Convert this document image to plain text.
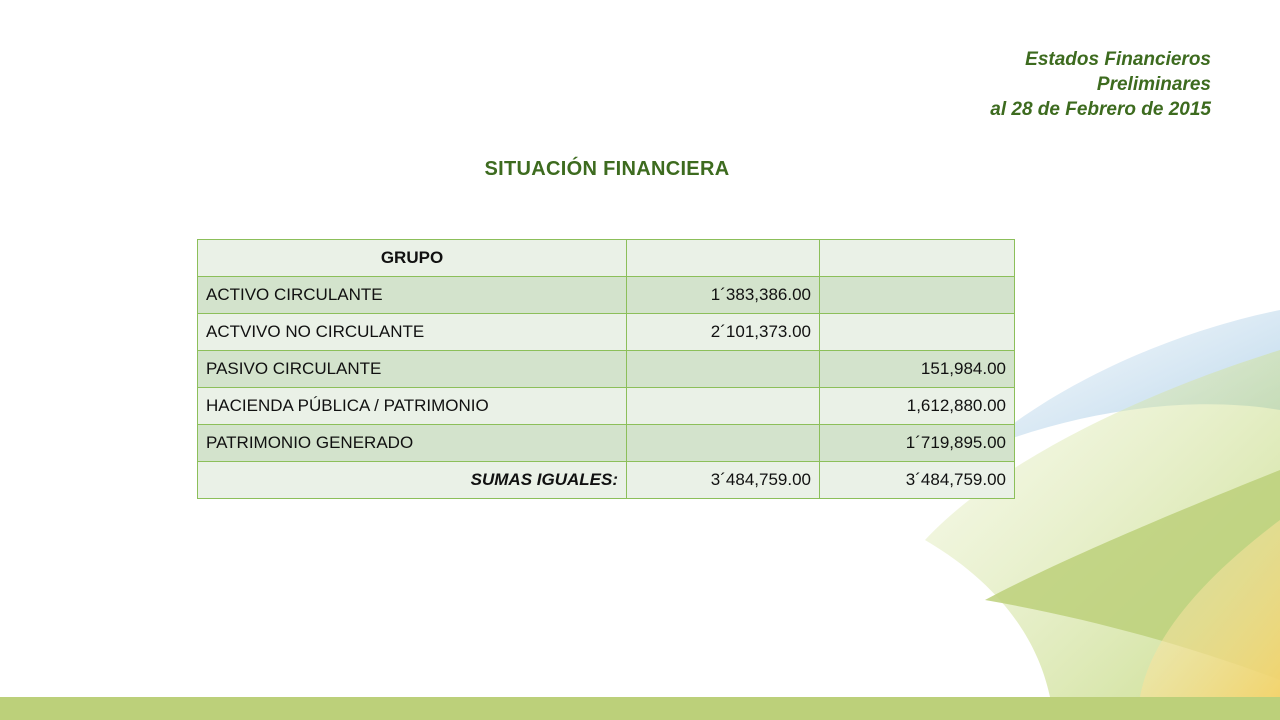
Estados Financieros
Preliminares
al 28 de Febrero de 2015
SITUACIÓN FINANCIERA
GRUPO		
ACTIVO CIRCULANTE	1´383,386.00	
ACTVIVO NO CIRCULANTE	2´101,373.00	
PASIVO CIRCULANTE		151,984.00
HACIENDA PÚBLICA / PATRIMONIO		1,612,880.00
PATRIMONIO GENERADO		1´719,895.00
SUMAS IGUALES:	3´484,759.00	3´484,759.00
